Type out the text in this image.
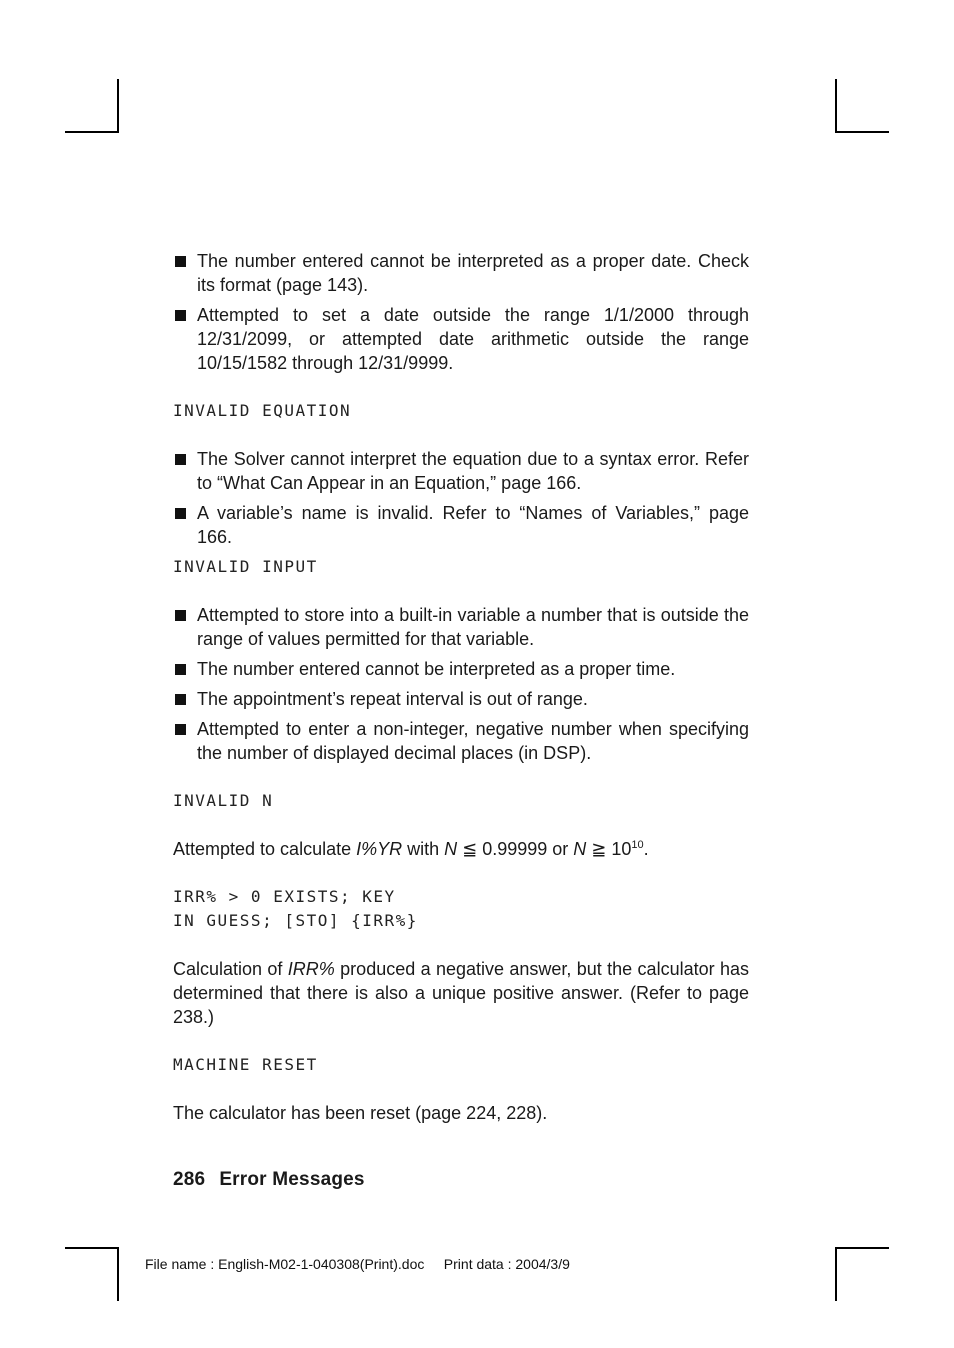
The number entered cannot be interpreted as a proper date. Check its format (page 143).
Attempted to set a date outside the range 1/1/2000 through 12/31/2099, or attempted date arithmetic outside the range 10/15/1582 through 12/31/9999.
INVALID EQUATION
The Solver cannot interpret the equation due to a syntax error. Refer to “What Can Appear in an Equation,” page 166.
A variable’s name is invalid. Refer to “Names of Variables,” page 166.
INVALID INPUT
Attempted to store into a built-in variable a number that is outside the range of values permitted for that variable.
The number entered cannot be interpreted as a proper time.
The appointment’s repeat interval is out of range.
Attempted to enter a non-integer, negative number when specifying the number of displayed decimal places (in DSP).
INVALID N

Attempted to calculate I%YR with N ≦ 0.99999 or N ≧ $10^{10}$.

IRR% > 0 EXISTS; KEY
IN GUESS; [STO] {IRR%}

Calculation of IRR% produced a negative answer, but the calculator has determined that there is also a unique positive answer. (Refer to page 238.)

MACHINE RESET

The calculator has been reset (page 224, 228).

286 Error Messages
File name : English-M02-1-040308(Print).doc     Print data : 2004/3/9
